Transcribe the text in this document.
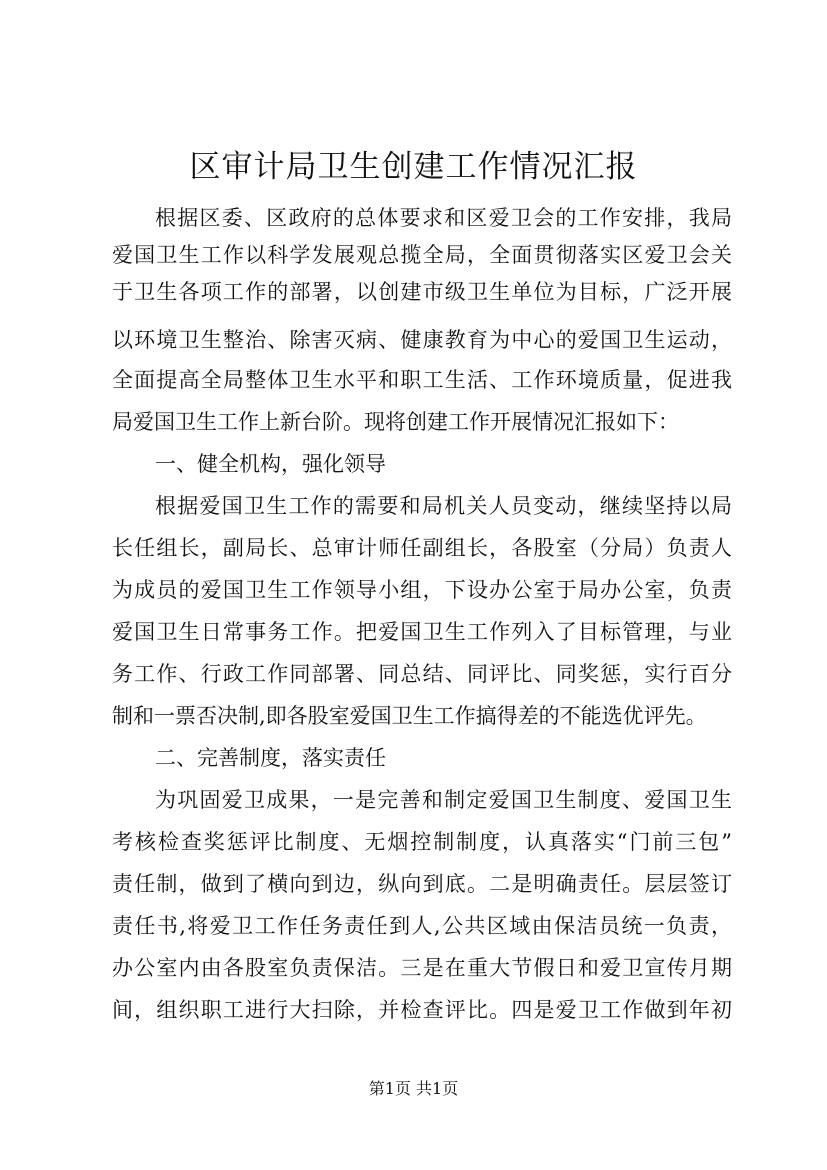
区审计局卫生创建工作情况汇报
根据区委、区政府的总体要求和区爱卫会的工作安排，我局
爱国卫生工作以科学发展观总揽全局，全面贯彻落实区爱卫会关
于卫生各项工作的部署，以创建市级卫生单位为目标，广泛开展
以环境卫生整治、除害灭病、健康教育为中心的爱国卫生运动，
全面提高全局整体卫生水平和职工生活、工作环境质量，促进我
局爱国卫生工作上新台阶。现将创建工作开展情况汇报如下：
一、健全机构，强化领导
根据爱国卫生工作的需要和局机关人员变动，继续坚持以局
长任组长，副局长、总审计师任副组长，各股室（分局）负责人
为成员的爱国卫生工作领导小组，下设办公室于局办公室，负责
爱国卫生日常事务工作。把爱国卫生工作列入了目标管理，与业
务工作、行政工作同部署、同总结、同评比、同奖惩，实行百分
制和一票否决制,即各股室爱国卫生工作搞得差的不能选优评先。
二、完善制度，落实责任
为巩固爱卫成果，一是完善和制定爱国卫生制度、爱国卫生
考核检查奖惩评比制度、无烟控制制度，认真落实“门前三包”
责任制，做到了横向到边，纵向到底。二是明确责任。层层签订
责任书,将爱卫工作任务责任到人,公共区域由保洁员统一负责，
办公室内由各股室负责保洁。三是在重大节假日和爱卫宣传月期
间，组织职工进行大扫除，并检查评比。四是爱卫工作做到年初
第1页 共1页
